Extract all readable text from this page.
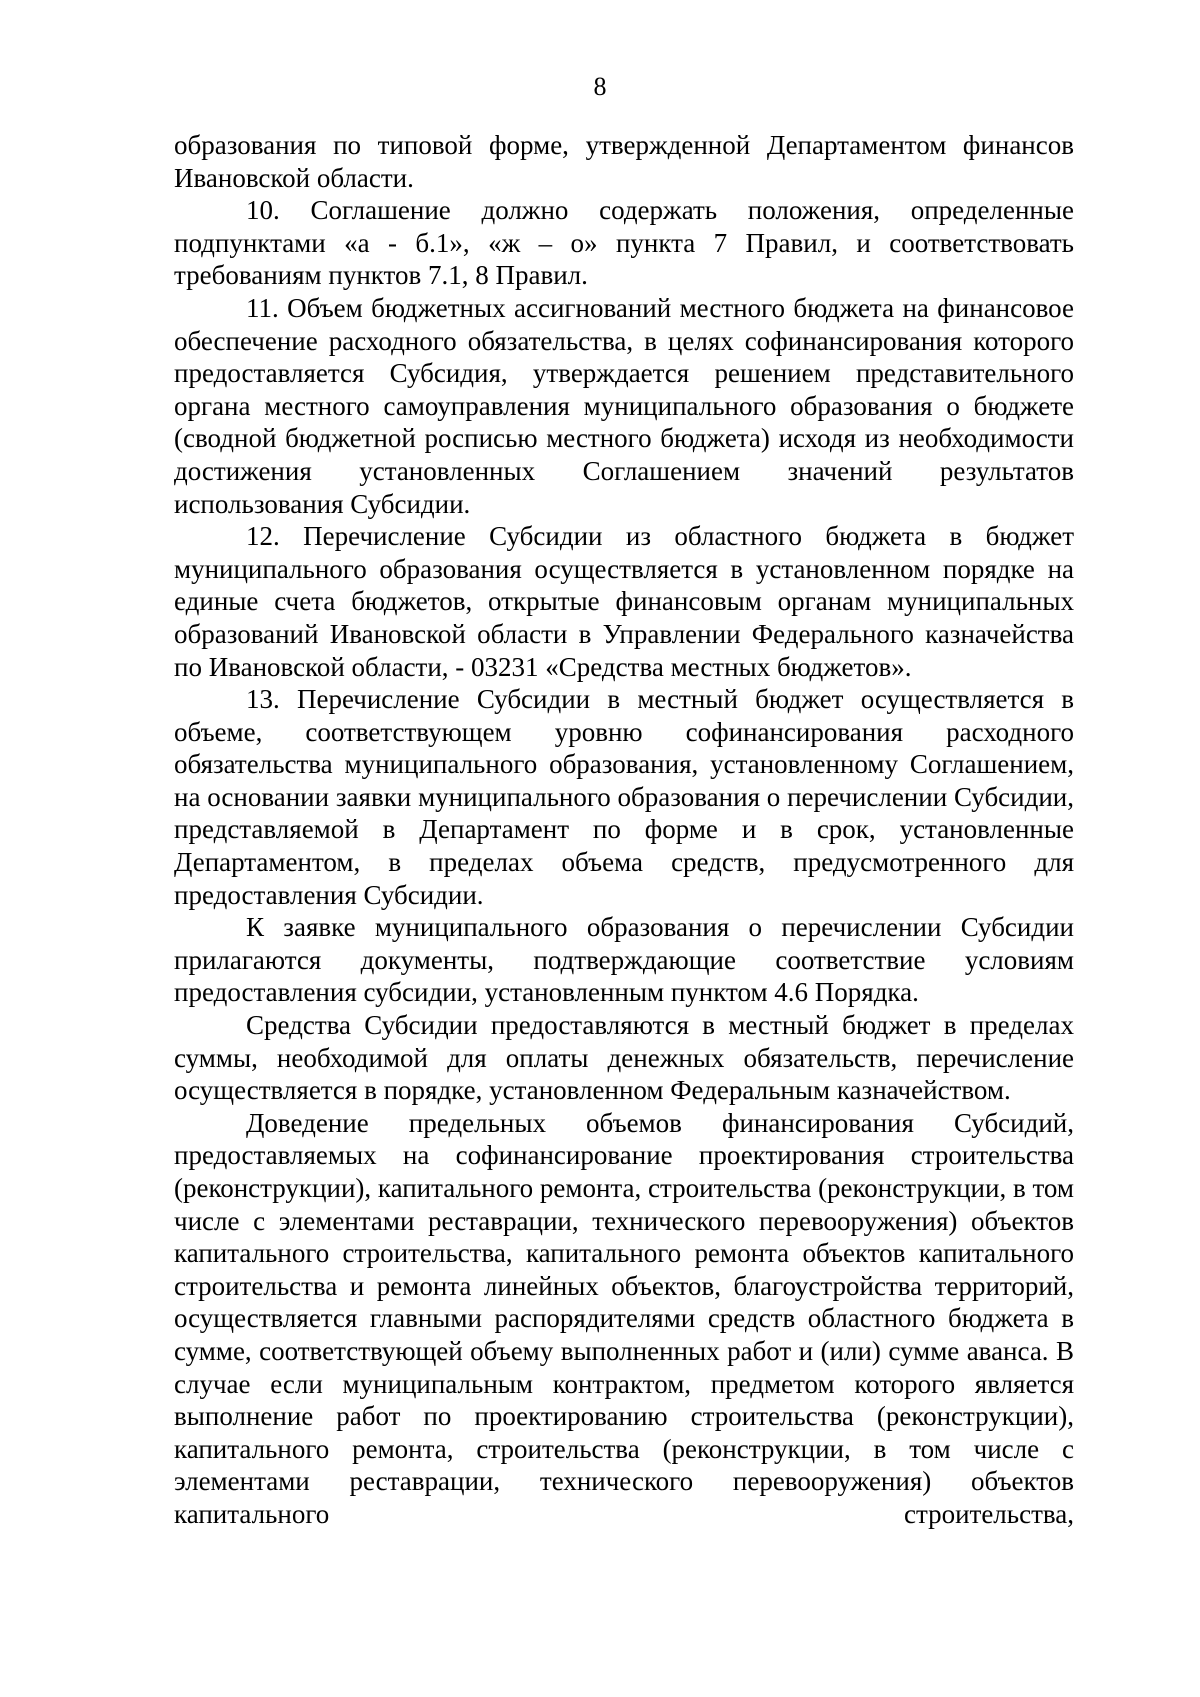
8

образования по типовой форме, утвержденной Департаментом финансов Ивановской области.

10. Соглашение должно содержать положения, определенные подпунктами «а - б.1», «ж – о» пункта 7 Правил, и соответствовать требованиям пунктов 7.1, 8 Правил.

11. Объем бюджетных ассигнований местного бюджета на финансовое обеспечение расходного обязательства, в целях софинансирования которого предоставляется Субсидия, утверждается решением представительного органа местного самоуправления муниципального образования о бюджете (сводной бюджетной росписью местного бюджета) исходя из необходимости достижения установленных Соглашением значений результатов использования Субсидии.

12. Перечисление Субсидии из областного бюджета в бюджет муниципального образования осуществляется в установленном порядке на единые счета бюджетов, открытые финансовым органам муниципальных образований Ивановской области в Управлении Федерального казначейства по Ивановской области, - 03231 «Средства местных бюджетов».

13. Перечисление Субсидии в местный бюджет осуществляется в объеме, соответствующем уровню софинансирования расходного обязательства муниципального образования, установленному Соглашением, на основании заявки муниципального образования о перечислении Субсидии, представляемой в Департамент по форме и в срок, установленные Департаментом, в пределах объема средств, предусмотренного для предоставления Субсидии.

К заявке муниципального образования о перечислении Субсидии прилагаются документы, подтверждающие соответствие условиям предоставления субсидии, установленным пунктом 4.6 Порядка.

Средства Субсидии предоставляются в местный бюджет в пределах суммы, необходимой для оплаты денежных обязательств, перечисление осуществляется в порядке, установленном Федеральным казначейством.

Доведение предельных объемов финансирования Субсидий, предоставляемых на софинансирование проектирования строительства (реконструкции), капитального ремонта, строительства (реконструкции, в том числе с элементами реставрации, технического перевооружения) объектов капитального строительства, капитального ремонта объектов капитального строительства и ремонта линейных объектов, благоустройства территорий, осуществляется главными распорядителями средств областного бюджета в сумме, соответствующей объему выполненных работ и (или) сумме аванса. В случае если муниципальным контрактом, предметом которого является выполнение работ по проектированию строительства (реконструкции), капитального ремонта, строительства (реконструкции, в том числе с элементами реставрации, технического перевооружения) объектов капитального строительства,
